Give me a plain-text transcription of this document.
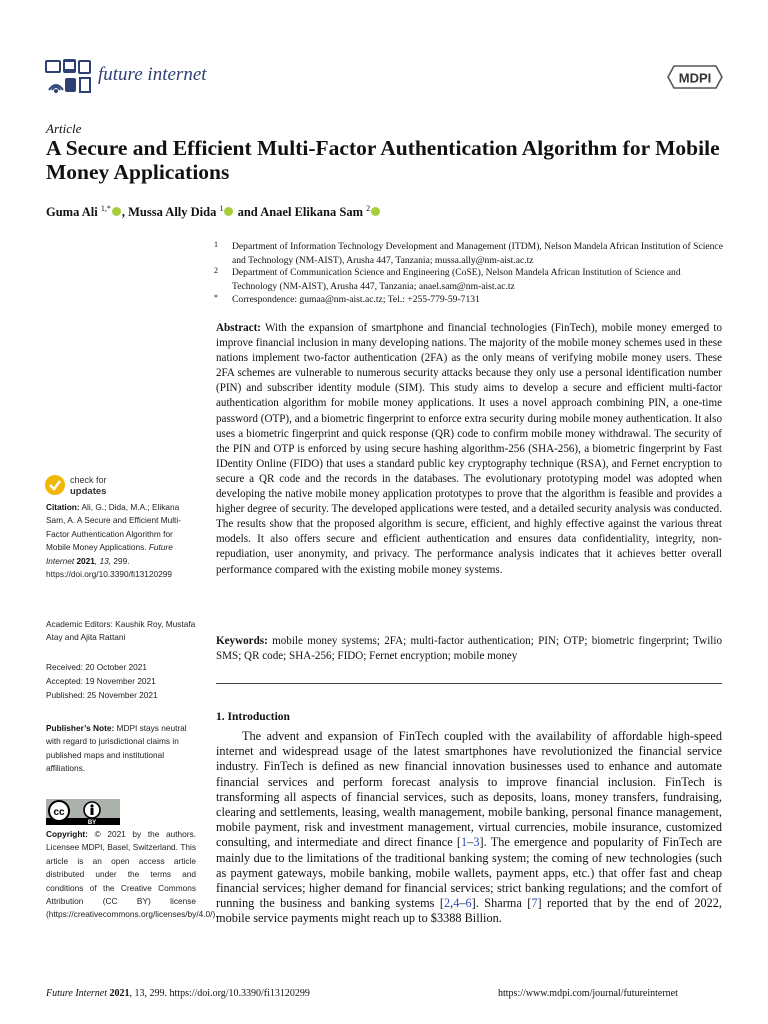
future internet	MDPI
Article
A Secure and Efficient Multi-Factor Authentication Algorithm for Mobile Money Applications
Guma Ali $^{1,*}$ , Mussa Ally Dida $^1$ and Anael Elikana Sam $^2$
1 Department of Information Technology Development and Management (ITDM), Nelson Mandela African Institution of Science and Technology (NM-AIST), Arusha 447, Tanzania; mussa.ally@nm-aist.ac.tz
2 Department of Communication Science and Engineering (CoSE), Nelson Mandela African Institution of Science and Technology (NM-AIST), Arusha 447, Tanzania; anael.sam@nm-aist.ac.tz
* Correspondence: gumaa@nm-aist.ac.tz; Tel.: +255-779-59-7131
Abstract: With the expansion of smartphone and financial technologies (FinTech), mobile money emerged to improve financial inclusion in many developing nations. The majority of the mobile money schemes used in these nations implement two-factor authentication (2FA) as the only means of verifying mobile money users. These 2FA schemes are vulnerable to numerous security attacks because they only use a personal identification number (PIN) and subscriber identity module (SIM). This study aims to develop a secure and efficient multi-factor authentication algorithm for mobile money applications. It uses a novel approach combining PIN, a one-time password (OTP), and a biometric fingerprint to enforce extra security during mobile money authentication. It also uses a biometric fingerprint and quick response (QR) code to confirm mobile money withdrawal. The security of the PIN and OTP is enforced by using secure hashing algorithm-256 (SHA-256), a biometric fingerprint by Fast IDentity Online (FIDO) that uses a standard public key cryptography technique (RSA), and Fernet encryption to secure a QR code and the records in the databases. The evolutionary prototyping model was adopted when developing the native mobile money application prototypes to prove that the algorithm is feasible and provides a higher degree of security. The developed applications were tested, and a detailed security analysis was conducted. The results show that the proposed algorithm is secure, efficient, and highly effective against the various threat models. It also offers secure and efficient authentication and ensures data confidentiality, integrity, non-repudiation, user anonymity, and privacy. The performance analysis indicates that it achieves better overall performance compared with the existing mobile money systems.
Keywords: mobile money systems; 2FA; multi-factor authentication; PIN; OTP; biometric fingerprint; Twilio SMS; QR code; SHA-256; FIDO; Fernet encryption; mobile money
1. Introduction
The advent and expansion of FinTech coupled with the availability of affordable high-speed internet and widespread usage of the latest smartphones have revolutionized the financial service industry. FinTech is defined as new financial innovation businesses used to enhance and automate financial services and perform forecast analysis to improve financial inclusion. FinTech is transforming all aspects of financial services, such as deposits, loans, money transfers, fundraising, clearing and settlements, leasing, wealth management, mobile banking, personal finance management, mobile payment, risk and investment management, virtual currencies, mobile insurance, customized consulting, and intermediate and direct finance [1–3]. The emergence and popularity of FinTech are mainly due to the limitations of the traditional banking system; the coming of new technologies (such as payment gateways, mobile banking, mobile wallets, payment apps, etc.) that offer fast and cheap financial services; higher demand for financial services; strict banking regulations; and the comfort of running the business and banking systems [2,4–6]. Sharma [7] reported that by the end of 2022, mobile service payments might reach up to $3388 Billion.
check for
updates
Citation: Ali, G.; Dida, M.A.; Elikana Sam, A. A Secure and Efficient Multi-Factor Authentication Algorithm for Mobile Money Applications. Future Internet 2021, 13, 299. https://doi.org/10.3390/fi13120299
Academic Editors: Kaushik Roy, Mustafa Atay and Ajita Rattani
Received: 20 October 2021
Accepted: 19 November 2021
Published: 25 November 2021
Publisher’s Note: MDPI stays neutral with regard to jurisdictional claims in published maps and institutional affiliations.
cc
BY
Copyright: © 2021 by the authors. Licensee MDPI, Basel, Switzerland. This article is an open access article distributed under the terms and conditions of the Creative Commons Attribution (CC BY) license (https://creativecommons.org/licenses/by/4.0/).
Future Internet 2021, 13, 299. https://doi.org/10.3390/fi13120299	https://www.mdpi.com/journal/futureinternet
